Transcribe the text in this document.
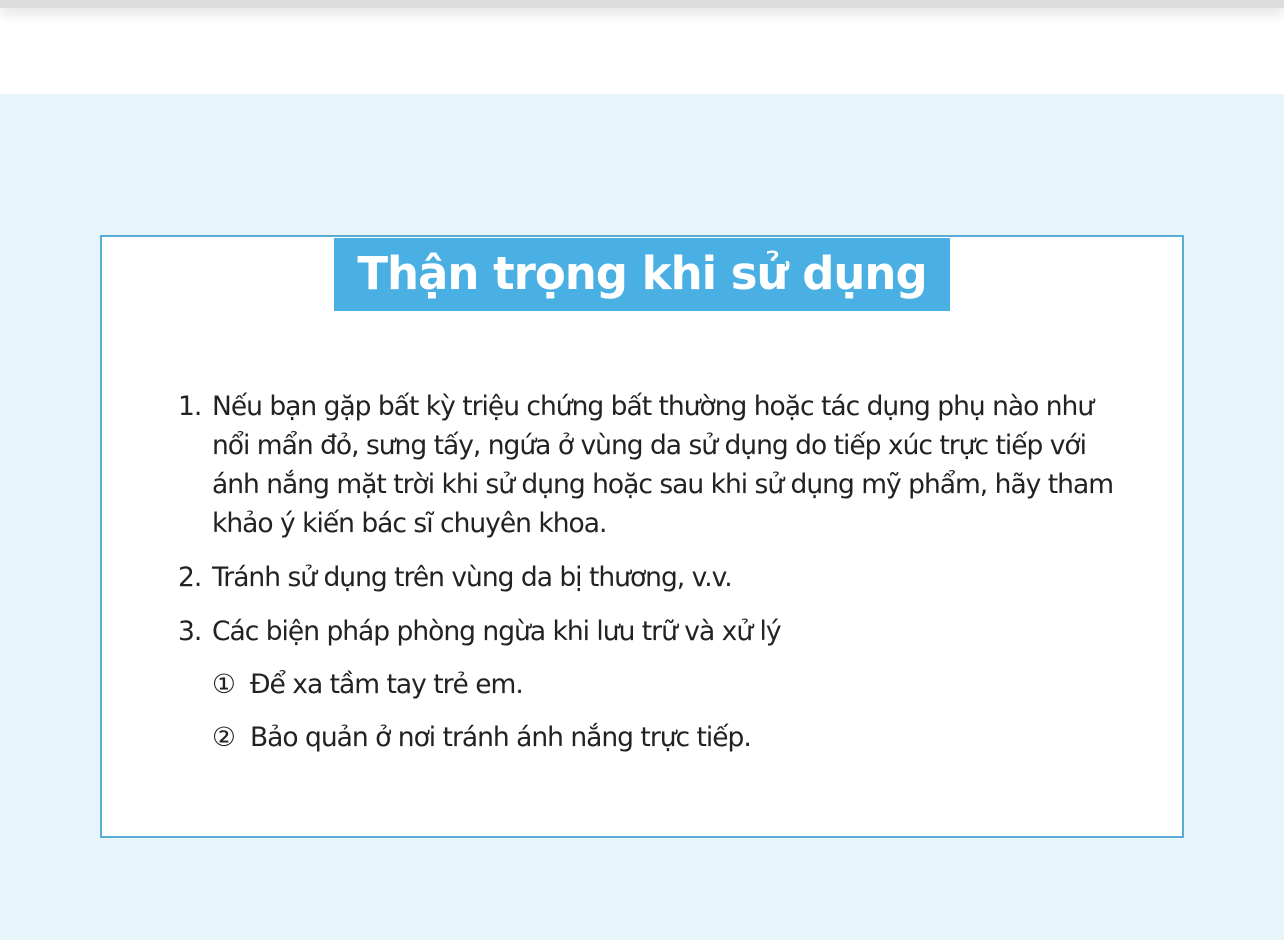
Thận trọng khi sử dụng
1. Nếu bạn gặp bất kỳ triệu chứng bất thường hoặc tác dụng phụ nào như nổi mẩn đỏ, sưng tấy, ngứa ở vùng da sử dụng do tiếp xúc trực tiếp với ánh nắng mặt trời khi sử dụng hoặc sau khi sử dụng mỹ phẩm, hãy tham khảo ý kiến bác sĩ chuyên khoa.
2. Tránh sử dụng trên vùng da bị thương, v.v.
3. Các biện pháp phòng ngừa khi lưu trữ và xử lý
① Để xa tầm tay trẻ em.
② Bảo quản ở nơi tránh ánh nắng trực tiếp.
